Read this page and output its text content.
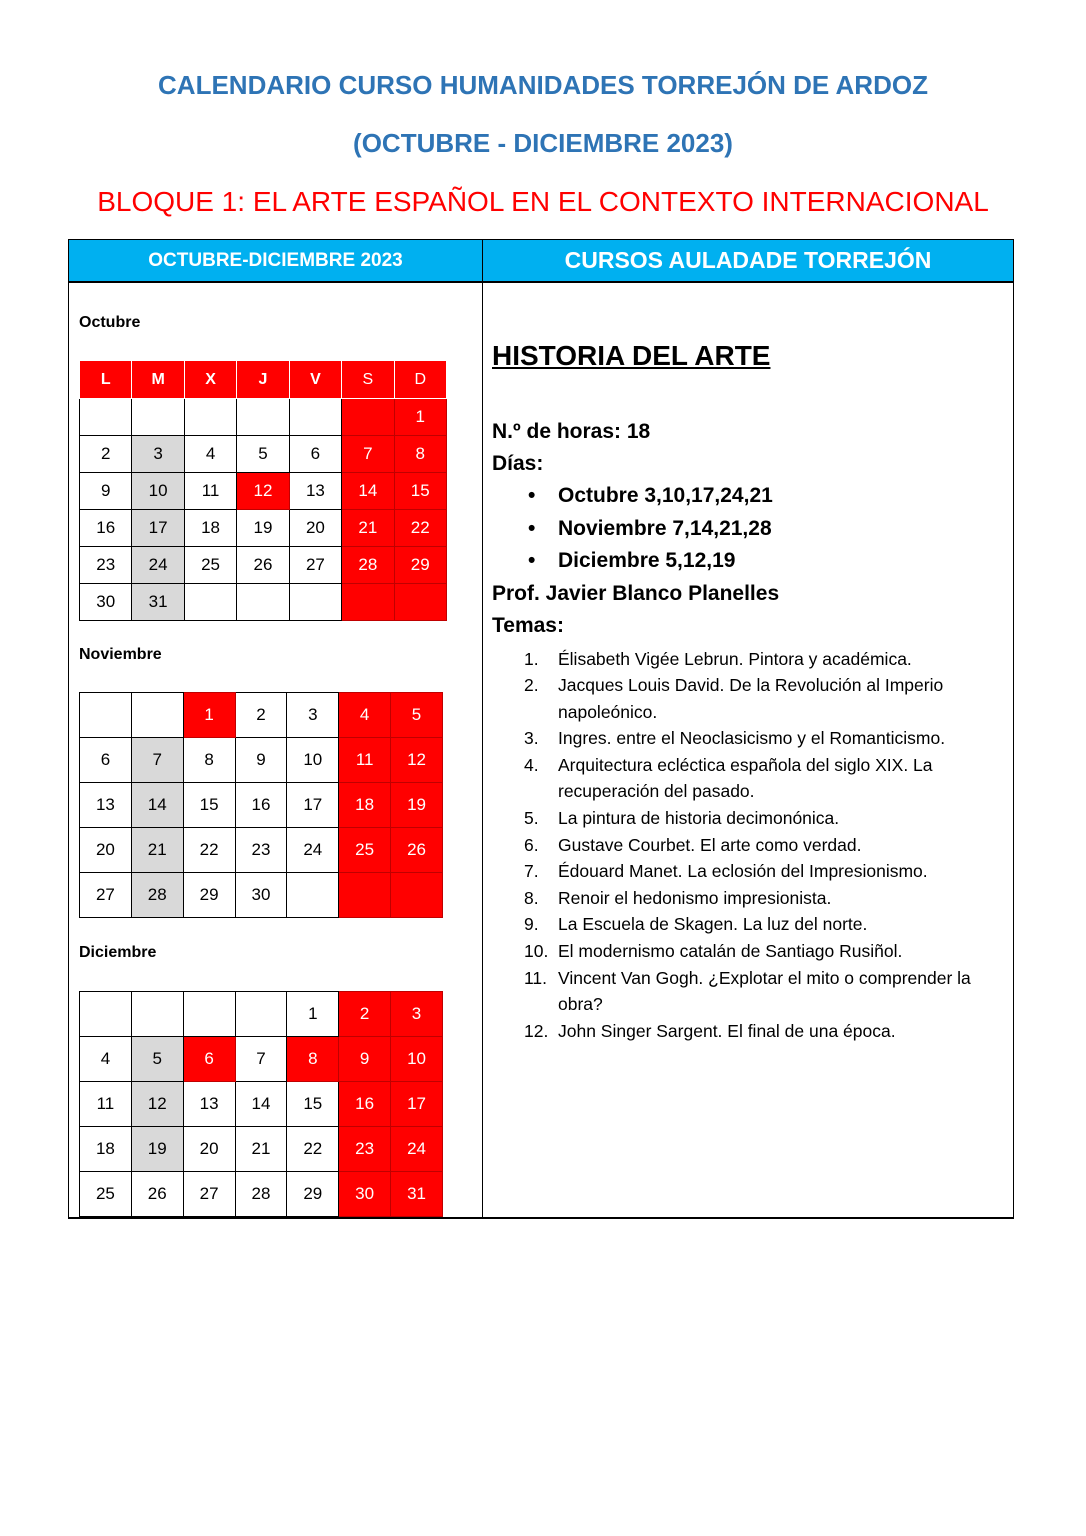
CALENDARIO CURSO HUMANIDADES TORREJÓN DE ARDOZ
(OCTUBRE - DICIEMBRE 2023)
BLOQUE 1: EL ARTE ESPAÑOL EN EL CONTEXTO INTERNACIONAL
OCTUBRE-DICIEMBRE 2023	CURSOS AULADADE TORREJÓN
Octubre
L	M	X	J	V	S	D
						1
2	3	4	5	6	7	8
9	10	11	12	13	14	15
16	17	18	19	20	21	22
23	24	25	26	27	28	29
30	31					
Noviembre
		1	2	3	4	5
6	7	8	9	10	11	12
13	14	15	16	17	18	19
20	21	22	23	24	25	26
27	28	29	30			
Diciembre
				1	2	3
4	5	6	7	8	9	10
11	12	13	14	15	16	17
18	19	20	21	22	23	24
25	26	27	28	29	30	31
HISTORIA DEL ARTE
N.º de horas: 18
Días:
• Octubre 3,10,17,24,21
• Noviembre 7,14,21,28
• Diciembre 5,12,19
Prof. Javier Blanco Planelles
Temas:
1. Élisabeth Vigée Lebrun. Pintora y académica.
2. Jacques Louis David. De la Revolución al Imperio napoleónico.
3. Ingres. entre el Neoclasicismo y el Romanticismo.
4. Arquitectura ecléctica española del siglo XIX. La recuperación del pasado.
5. La pintura de historia decimonónica.
6. Gustave Courbet. El arte como verdad.
7. Édouard Manet. La eclosión del Impresionismo.
8. Renoir el hedonismo impresionista.
9. La Escuela de Skagen. La luz del norte.
10. El modernismo catalán de Santiago Rusiñol.
11. Vincent Van Gogh. ¿Explotar el mito o comprender la obra?
12. John Singer Sargent. El final de una época.
